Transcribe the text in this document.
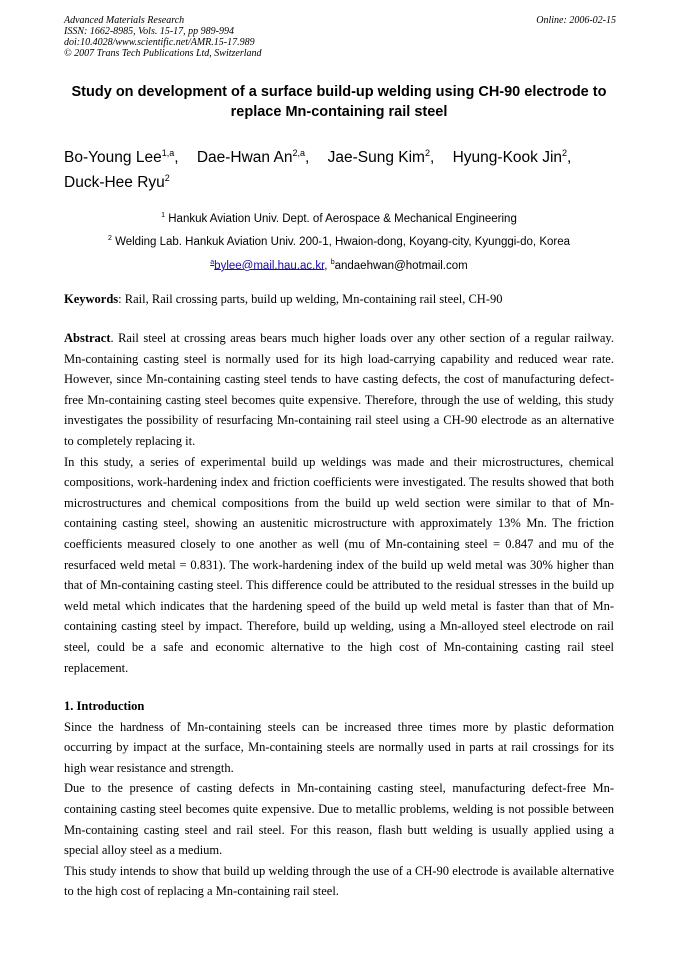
Advanced Materials Research
ISSN: 1662-8985, Vols. 15-17, pp 989-994
doi:10.4028/www.scientific.net/AMR.15-17.989
© 2007 Trans Tech Publications Ltd, Switzerland
Online: 2006-02-15
Study on development of a surface build-up welding using CH-90 electrode to replace Mn-containing rail steel
Bo-Young Lee$^{1,a}$, Dae-Hwan An$^{2,a}$, Jae-Sung Kim$^2$, Hyung-Kook Jin$^2$, Duck-Hee Ryu$^2$
$^1$ Hankuk Aviation Univ. Dept. of Aerospace & Mechanical Engineering
$^2$ Welding Lab. Hankuk Aviation Univ. 200-1, Hwaion-dong, Koyang-city, Kyunggi-do, Korea
$^a$bylee@mail.hau.ac.kr, $^b$andaehwan@hotmail.com

Keywords: Rail, Rail crossing parts, build up welding, Mn-containing rail steel, CH-90

Abstract. Rail steel at crossing areas bears much higher loads over any other section of a regular railway. Mn-containing casting steel is normally used for its high load-carrying capability and reduced wear rate. However, since Mn-containing casting steel tends to have casting defects, the cost of manufacturing defect-free Mn-containing casting steel becomes quite expensive. Therefore, through the use of welding, this study investigates the possibility of resurfacing Mn-containing rail steel using a CH-90 electrode as an alternative to completely replacing it.

In this study, a series of experimental build up weldings was made and their microstructures, chemical compositions, work-hardening index and friction coefficients were investigated. The results showed that both microstructures and chemical compositions from the build up weld section were similar to that of Mn-containing casting steel, showing an austenitic microstructure with approximately 13% Mn. The friction coefficients measured closely to one another as well (mu of Mn-containing steel = 0.847 and mu of the resurfaced weld metal = 0.831). The work-hardening index of the build up weld metal was 30% higher than that of Mn-containing casting steel. This difference could be attributed to the residual stresses in the build up weld metal which indicates that the hardening speed of the build up weld metal is faster than that of Mn-containing casting steel by impact. Therefore, build up welding, using a Mn-alloyed steel electrode on rail steel, could be a safe and economic alternative to the high cost of Mn-containing casting rail steel replacement.

1. Introduction

Since the hardness of Mn-containing steels can be increased three times more by plastic deformation occurring by impact at the surface, Mn-containing steels are normally used in parts at rail crossings for its high wear resistance and strength.

Due to the presence of casting defects in Mn-containing casting steel, manufacturing defect-free Mn-containing casting steel becomes quite expensive. Due to metallic problems, welding is not possible between Mn-containing casting steel and rail steel. For this reason, flash butt welding is usually applied using a special alloy steel as a medium.

This study intends to show that build up welding through the use of a CH-90 electrode is available alternative to the high cost of replacing a Mn-containing rail steel.
